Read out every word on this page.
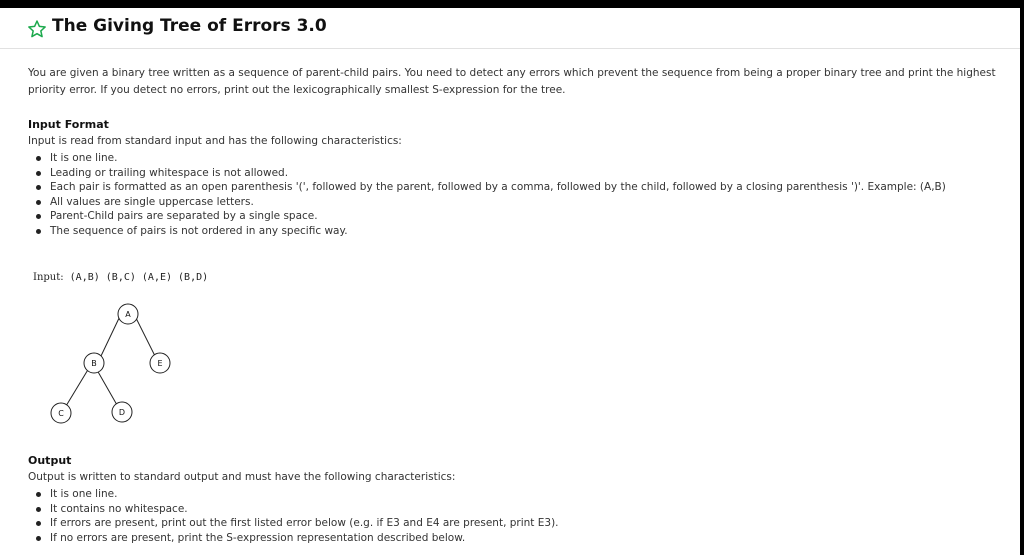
The Giving Tree of Errors 3.0

You are given a binary tree written as a sequence of parent-child pairs. You need to detect any errors which prevent the sequence from being a proper binary tree and print the highest priority error. If you detect no errors, print out the lexicographically smallest S-expression for the tree.

Input Format
Input is read from standard input and has the following characteristics:
It is one line.
Leading or trailing whitespace is not allowed.
Each pair is formatted as an open parenthesis '(', followed by the parent, followed by a comma, followed by the child, followed by a closing parenthesis ')'. Example: (A,B)
All values are single uppercase letters.
Parent-Child pairs are separated by a single space.
The sequence of pairs is not ordered in any specific way.
Input: (A,B) (B,C) (A,E) (B,D)
A
B	E
C	D
Output
Output is written to standard output and must have the following characteristics:
It is one line.
It contains no whitespace.
If errors are present, print out the first listed error below (e.g. if E3 and E4 are present, print E3).
If no errors are present, print the S-expression representation described below.
